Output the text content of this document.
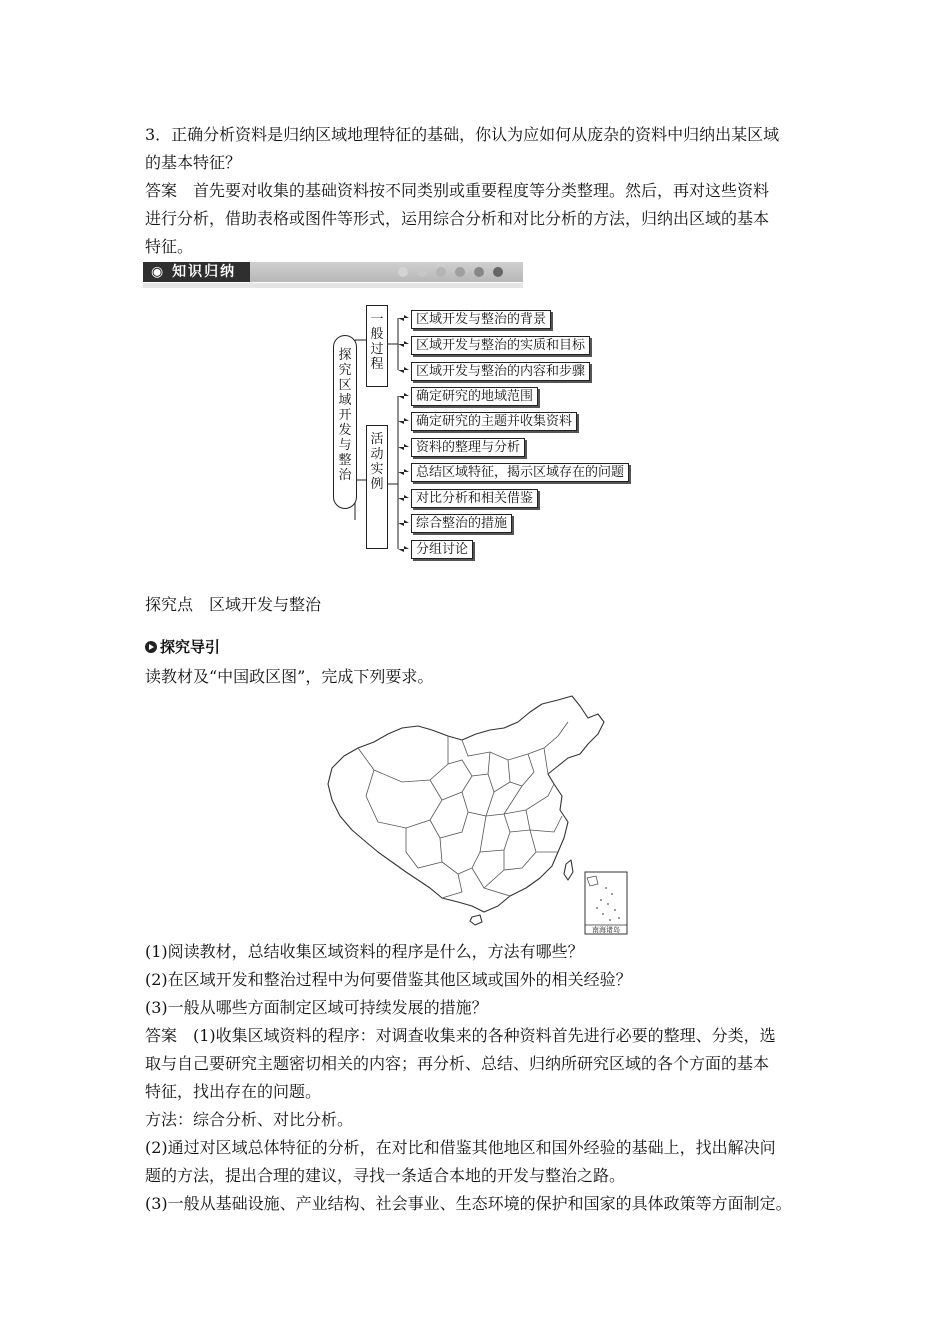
3．正确分析资料是归纳区域地理特征的基础，你认为应如何从庞杂的资料中归纳出某区域
的基本特征？
答案　首先要对收集的基础资料按不同类别或重要程度等分类整理。然后，再对这些资料
进行分析，借助表格或图件等形式，运用综合分析和对比分析的方法，归纳出区域的基本
特征。
◉ 知识归纳
探究区域开发与整治
一般过程
活动实例
区域开发与整治的背景
区域开发与整治的实质和目标
区域开发与整治的内容和步骤
确定研究的地域范围
确定研究的主题并收集资料
资料的整理与分析
总结区域特征，揭示区域存在的问题
对比分析和相关借鉴
综合整治的措施
分组讨论
探究点　区域开发与整治
探究导引
读教材及“中国政区图”，完成下列要求。
南海诸岛
(1)阅读教材，总结收集区域资料的程序是什么，方法有哪些？
(2)在区域开发和整治过程中为何要借鉴其他区域或国外的相关经验？
(3)一般从哪些方面制定区域可持续发展的措施？
答案　(1)收集区域资料的程序：对调查收集来的各种资料首先进行必要的整理、分类，选
取与自己要研究主题密切相关的内容；再分析、总结、归纳所研究区域的各个方面的基本
特征，找出存在的问题。
方法：综合分析、对比分析。
(2)通过对区域总体特征的分析，在对比和借鉴其他地区和国外经验的基础上，找出解决问
题的方法，提出合理的建议，寻找一条适合本地的开发与整治之路。
(3)一般从基础设施、产业结构、社会事业、生态环境的保护和国家的具体政策等方面制定。
